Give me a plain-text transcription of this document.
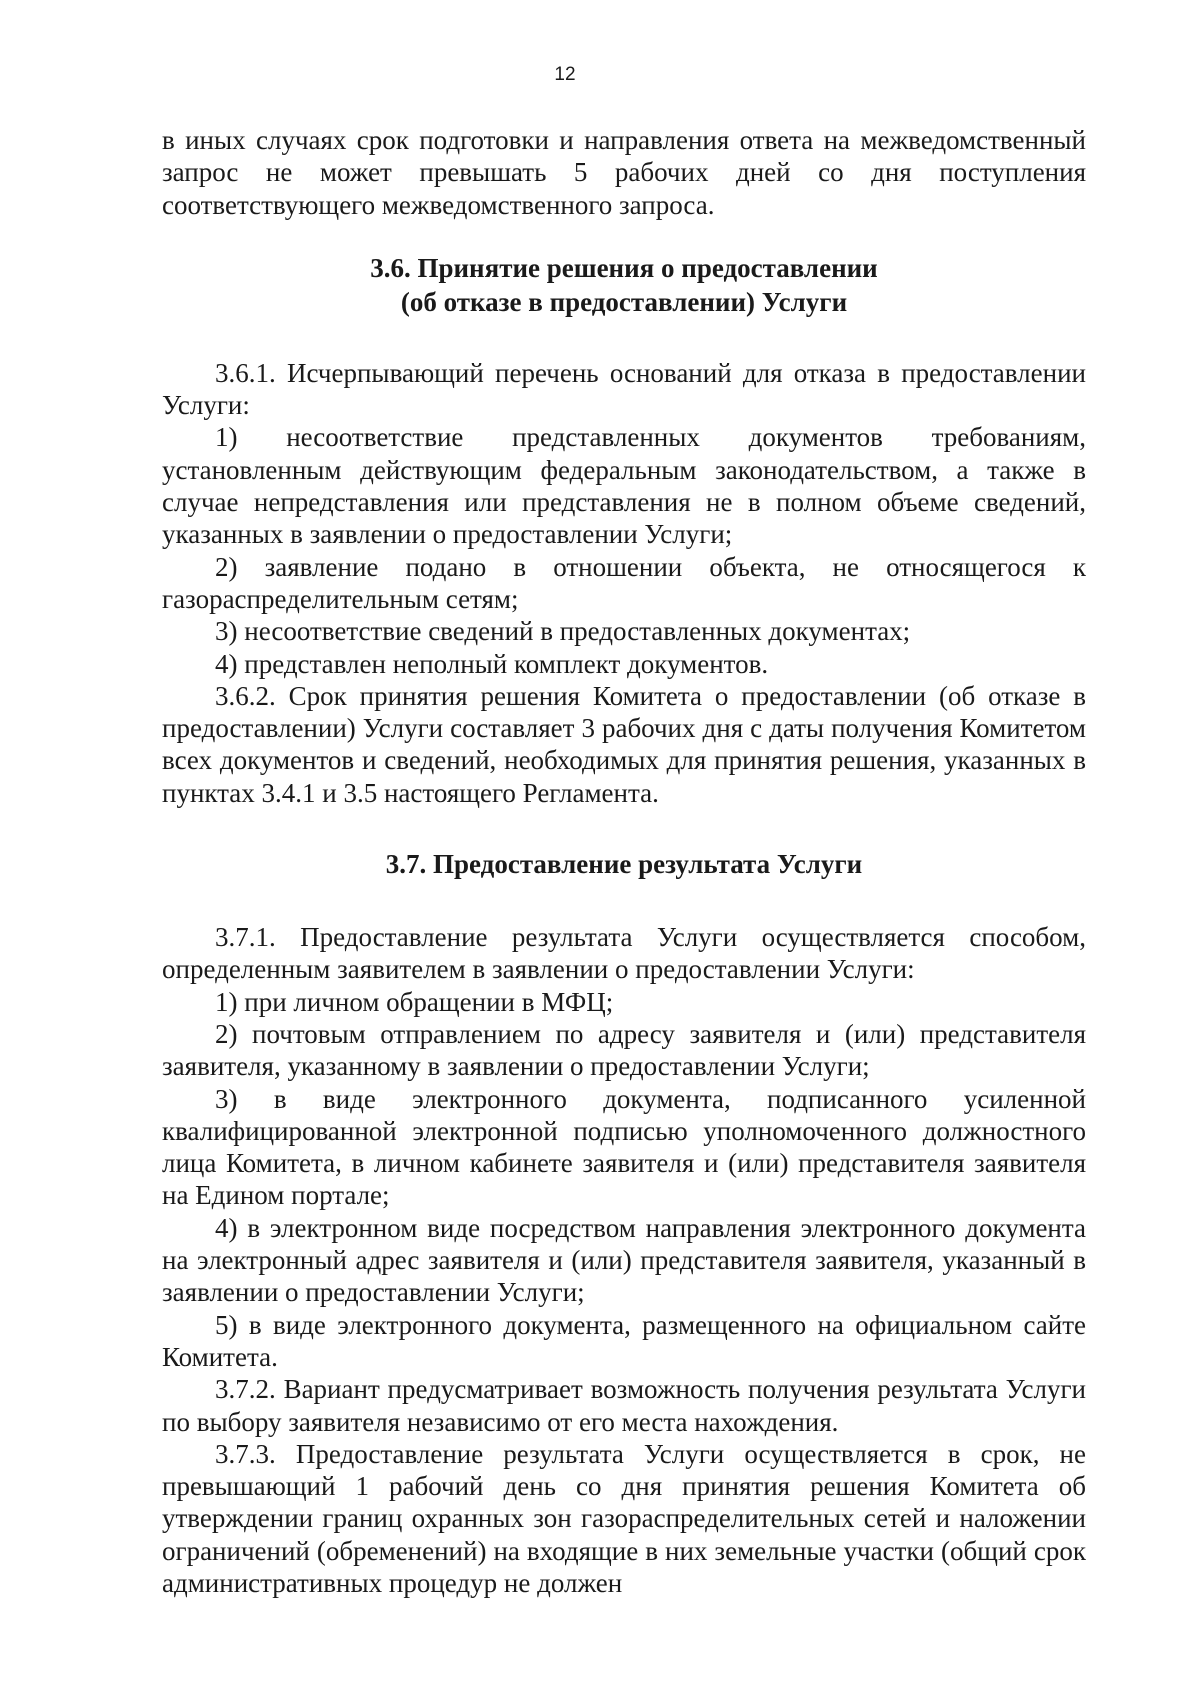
12

в иных случаях срок подготовки и направления ответа на межведомственный запрос не может превышать 5 рабочих дней со дня поступления соответствующего межведомственного запроса.

3.6. Принятие решения о предоставлении

(об отказе в предоставлении) Услуги

3.6.1. Исчерпывающий перечень оснований для отказа в предоставлении Услуги:

1) несоответствие представленных документов требованиям, установленным действующим федеральным законодательством, а также в случае непредставления или представления не в полном объеме сведений, указанных в заявлении о предоставлении Услуги;

2) заявление подано в отношении объекта, не относящегося к газораспределительным сетям;

3) несоответствие сведений в предоставленных документах;

4) представлен неполный комплект документов.

3.6.2. Срок принятия решения Комитета о предоставлении (об отказе в предоставлении) Услуги составляет 3 рабочих дня с даты получения Комитетом всех документов и сведений, необходимых для принятия решения, указанных в пунктах 3.4.1 и 3.5 настоящего Регламента.

3.7. Предоставление результата Услуги

3.7.1. Предоставление результата Услуги осуществляется способом, определенным заявителем в заявлении о предоставлении Услуги:

1) при личном обращении в МФЦ;

2) почтовым отправлением по адресу заявителя и (или) представителя заявителя, указанному в заявлении о предоставлении Услуги;

3) в виде электронного документа, подписанного усиленной квалифицированной электронной подписью уполномоченного должностного лица Комитета, в личном кабинете заявителя и (или) представителя заявителя на Едином портале;

4) в электронном виде посредством направления электронного документа на электронный адрес заявителя и (или) представителя заявителя, указанный в заявлении о предоставлении Услуги;

5) в виде электронного документа, размещенного на официальном сайте Комитета.

3.7.2. Вариант предусматривает возможность получения результата Услуги по выбору заявителя независимо от его места нахождения.

3.7.3. Предоставление результата Услуги осуществляется в срок, не превышающий 1 рабочий день со дня принятия решения Комитета об утверждении границ охранных зон газораспределительных сетей и наложении ограничений (обременений) на входящие в них земельные участки (общий срок административных процедур не должен
